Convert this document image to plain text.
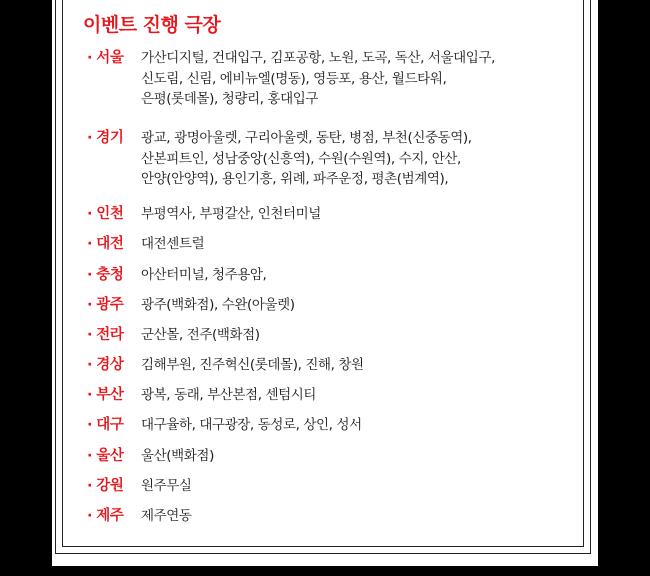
이벤트 진행 극장
· 서울	가산디지털, 건대입구, 김포공항, 노원, 도곡, 독산, 서울대입구,
신도림, 신림, 에비뉴엘(명동), 영등포, 용산, 월드타워,
은평(롯데몰), 청량리, 홍대입구
· 경기	광교, 광명아울렛, 구리아울렛, 동탄, 병점, 부천(신중동역),
산본피트인, 성남중앙(신흥역), 수원(수원역), 수지, 안산,
안양(안양역), 용인기흥, 위례, 파주운정, 평촌(범계역),
· 인천	부평역사, 부평갈산, 인천터미널
· 대전	대전센트럴
· 충청	아산터미널, 청주용암,
· 광주	광주(백화점), 수완(아울렛)
· 전라	군산몰, 전주(백화점)
· 경상	김해부원, 진주혁신(롯데몰), 진해, 창원
· 부산	광복, 동래, 부산본점, 센텀시티
· 대구	대구율하, 대구광장, 동성로, 상인, 성서
· 울산	울산(백화점)
· 강원	원주무실
· 제주	제주연동
